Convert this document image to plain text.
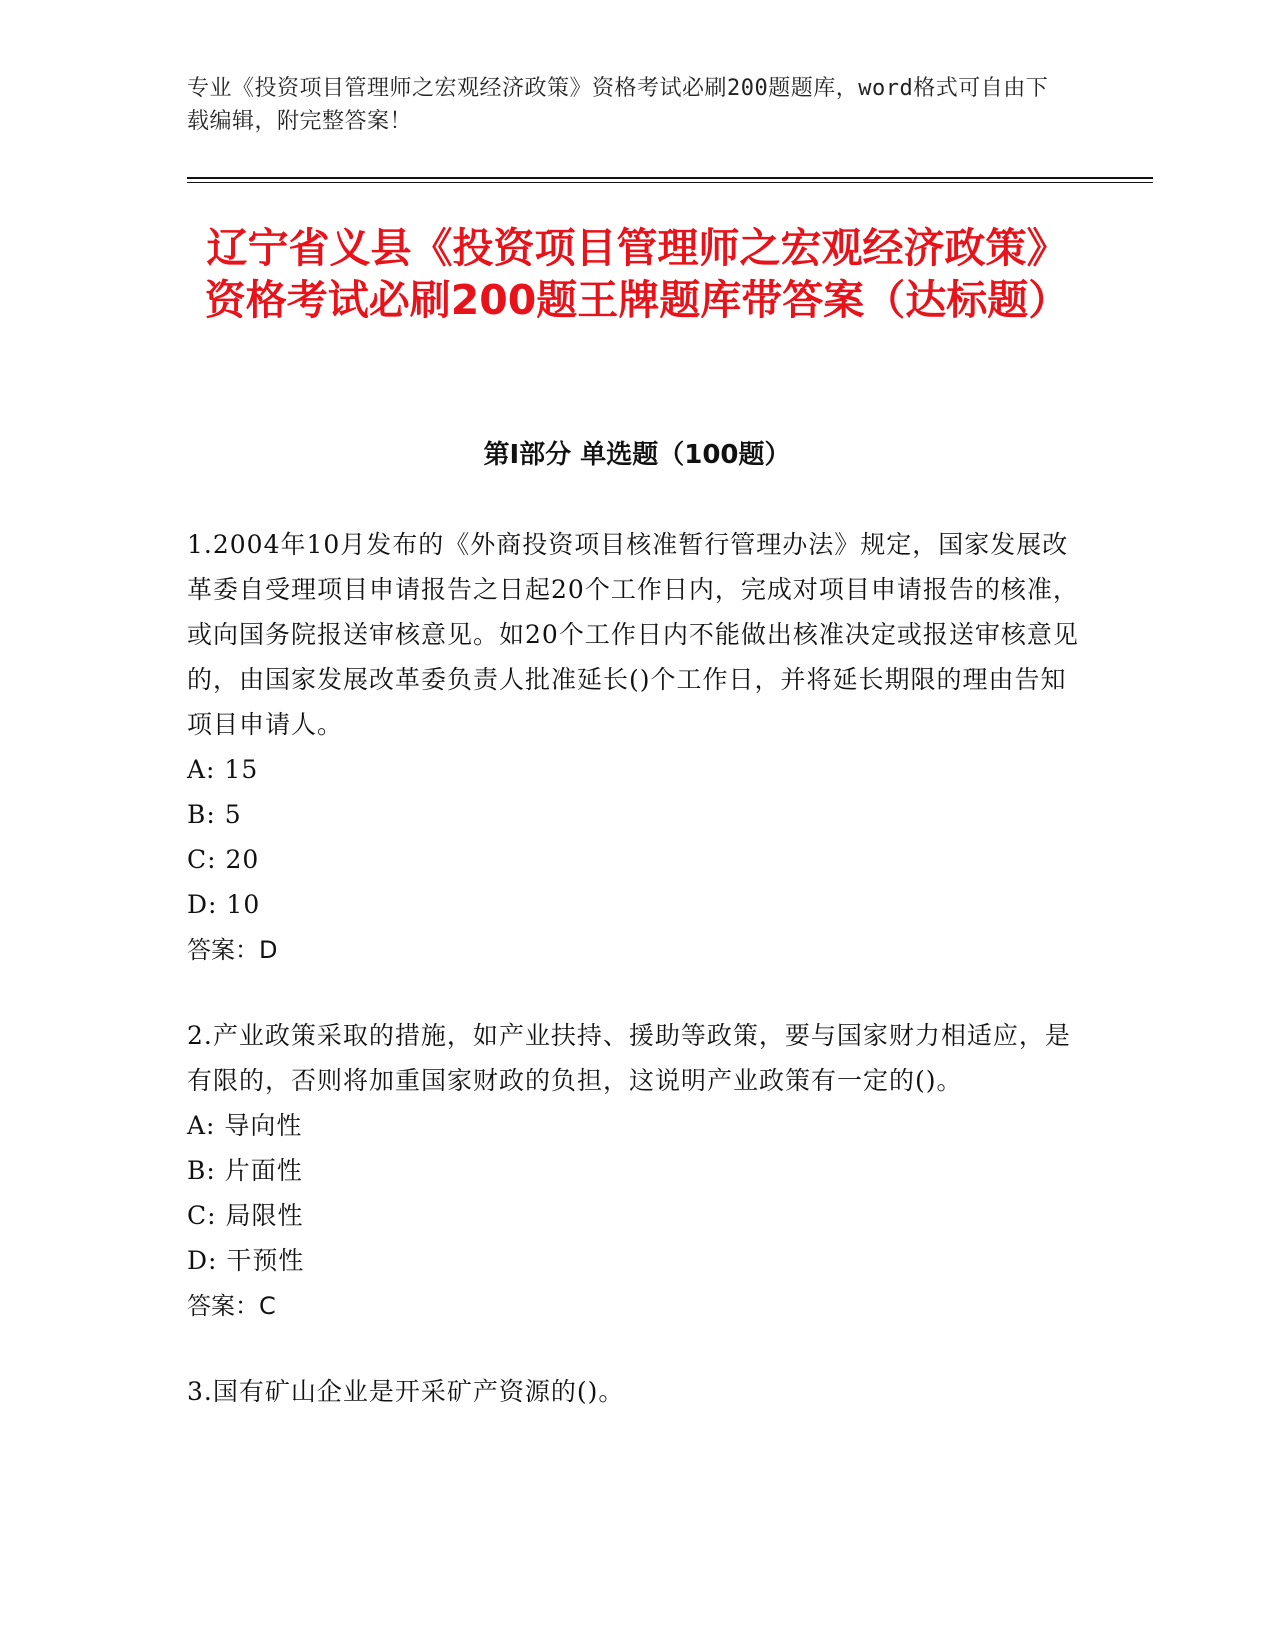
专业《投资项目管理师之宏观经济政策》资格考试必刷200题题库，word格式可自由下载编辑，附完整答案！
辽宁省义县《投资项目管理师之宏观经济政策》资格考试必刷200题王牌题库带答案（达标题）
第I部分 单选题（100题）

1.2004年10月发布的《外商投资项目核准暂行管理办法》规定，国家发展改革委自受理项目申请报告之日起20个工作日内，完成对项目申请报告的核准，或向国务院报送审核意见。如20个工作日内不能做出核准决定或报送审核意见的，由国家发展改革委负责人批准延长()个工作日，并将延长期限的理由告知项目申请人。

A: 15

B: 5

C: 20

D: 10

答案：D

2.产业政策采取的措施，如产业扶持、援助等政策，要与国家财力相适应，是有限的，否则将加重国家财政的负担，这说明产业政策有一定的()。

A: 导向性

B: 片面性

C: 局限性

D: 干预性

答案：C

3.国有矿山企业是开采矿产资源的()。
